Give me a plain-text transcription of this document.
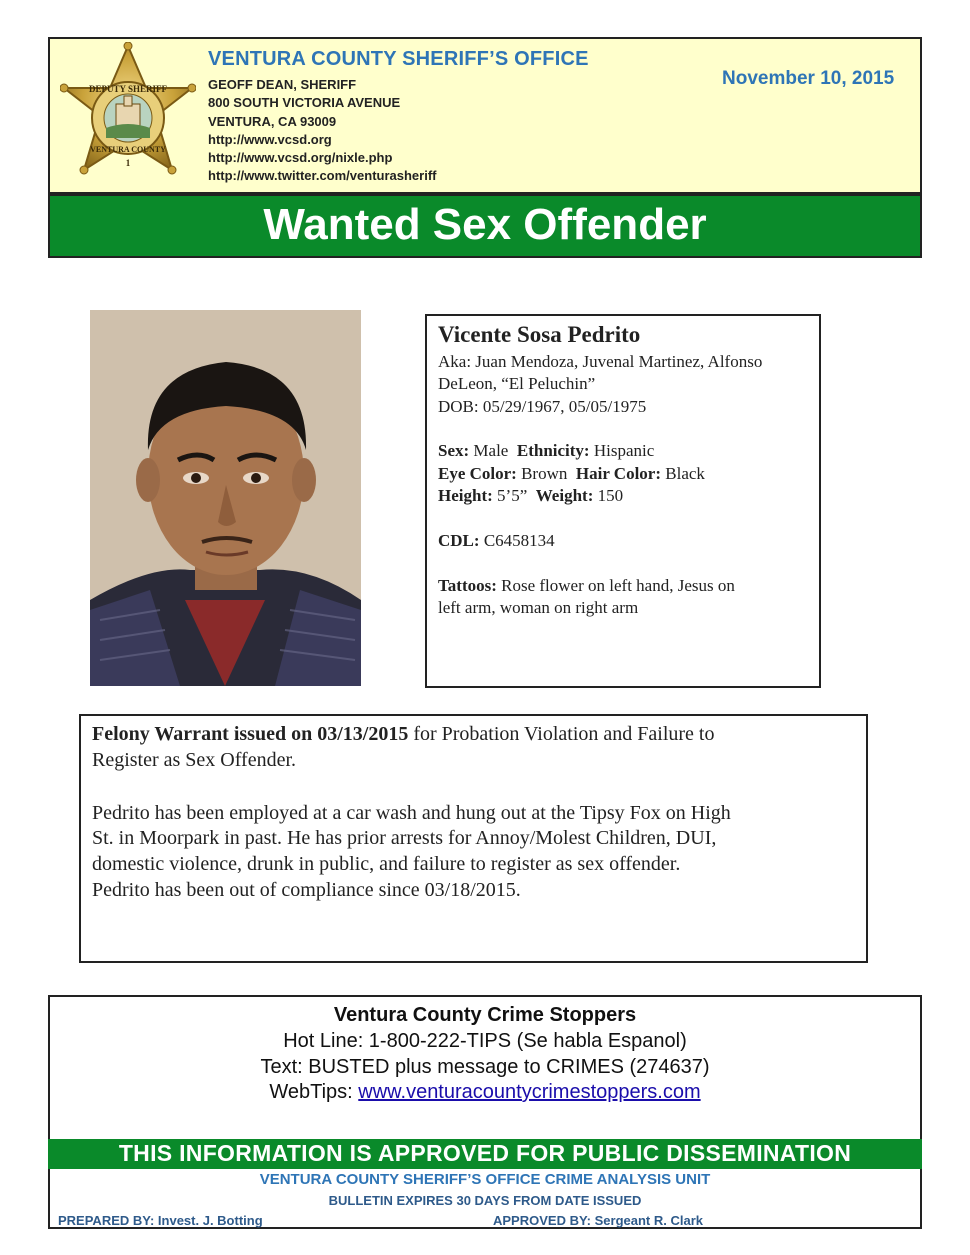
DEPUTY SHERIFF
VENTURA COUNTY
1
VENTURA COUNTY SHERIFF’S OFFICE
GEOFF DEAN, SHERIFF
800 SOUTH VICTORIA AVENUE
VENTURA, CA 93009
http://www.vcsd.org
http://www.vcsd.org/nixle.php
http://www.twitter.com/venturasheriff
November 10, 2015
Wanted Sex Offender
Vicente Sosa Pedrito
Aka: Juan Mendoza, Juvenal Martinez, Alfonso
DeLeon, “El Peluchin”
DOB: 05/29/1967, 05/05/1975
Sex: Male Ethnicity: Hispanic
Eye Color: Brown Hair Color: Black
Height: 5’5” Weight: 150
CDL: C6458134
Tattoos: Rose flower on left hand, Jesus on
left arm, woman on right arm
Felony Warrant issued on 03/13/2015 for Probation Violation and Failure to
Register as Sex Offender.
Pedrito has been employed at a car wash and hung out at the Tipsy Fox on High
St. in Moorpark in past. He has prior arrests for Annoy/Molest Children, DUI,
domestic violence, drunk in public, and failure to register as sex offender.
Pedrito has been out of compliance since 03/18/2015.
Ventura County Crime Stoppers
Hot Line: 1-800-222-TIPS (Se habla Espanol)
Text: BUSTED plus message to CRIMES (274637)
WebTips: www.venturacountycrimestoppers.com
THIS INFORMATION IS APPROVED FOR PUBLIC DISSEMINATION
VENTURA COUNTY SHERIFF’S OFFICE CRIME ANALYSIS UNIT
BULLETIN EXPIRES 30 DAYS FROM DATE ISSUED
PREPARED BY: Invest. J. Botting	APPROVED BY: Sergeant R. Clark
